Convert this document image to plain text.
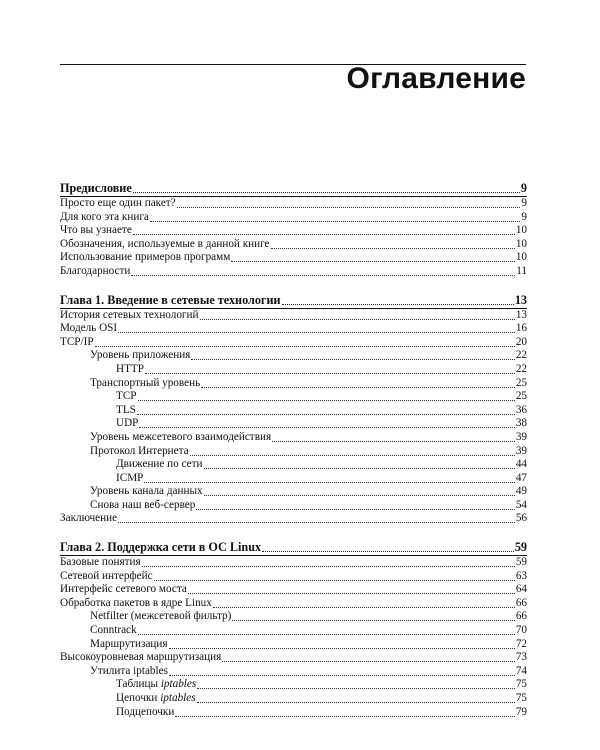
Оглавление
Предисловие	9
Просто еще один пакет?	9
Для кого эта книга	9
Что вы узнаете	10
Обозначения, используемые в данной книге	10
Использование примеров программ	10
Благодарности	11
Глава 1. Введение в сетевые технологии	13
История сетевых технологий	13
Модель OSI	16
TCP/IP	20
Уровень приложения	22
HTTP	22
Транспортный уровень	25
TCP	25
TLS	36
UDP	38
Уровень межсетевого взаимодействия	39
Протокол Интернета	39
Движение по сети	44
ICMP	47
Уровень канала данных	49
Снова наш веб-сервер	54
Заключение	56
Глава 2. Поддержка сети в ОС Linux	59
Базовые понятия	59
Сетевой интерфейс	63
Интерфейс сетевого моста	64
Обработка пакетов в ядре Linux	66
Netfilter (межсетевой фильтр)	66
Conntrack	70
Маршрутизация	72
Высокоуровневая маршрутизация	73
Утилита iptables	74
Таблицы iptables	75
Цепочки iptables	75
Подцепочки	79
